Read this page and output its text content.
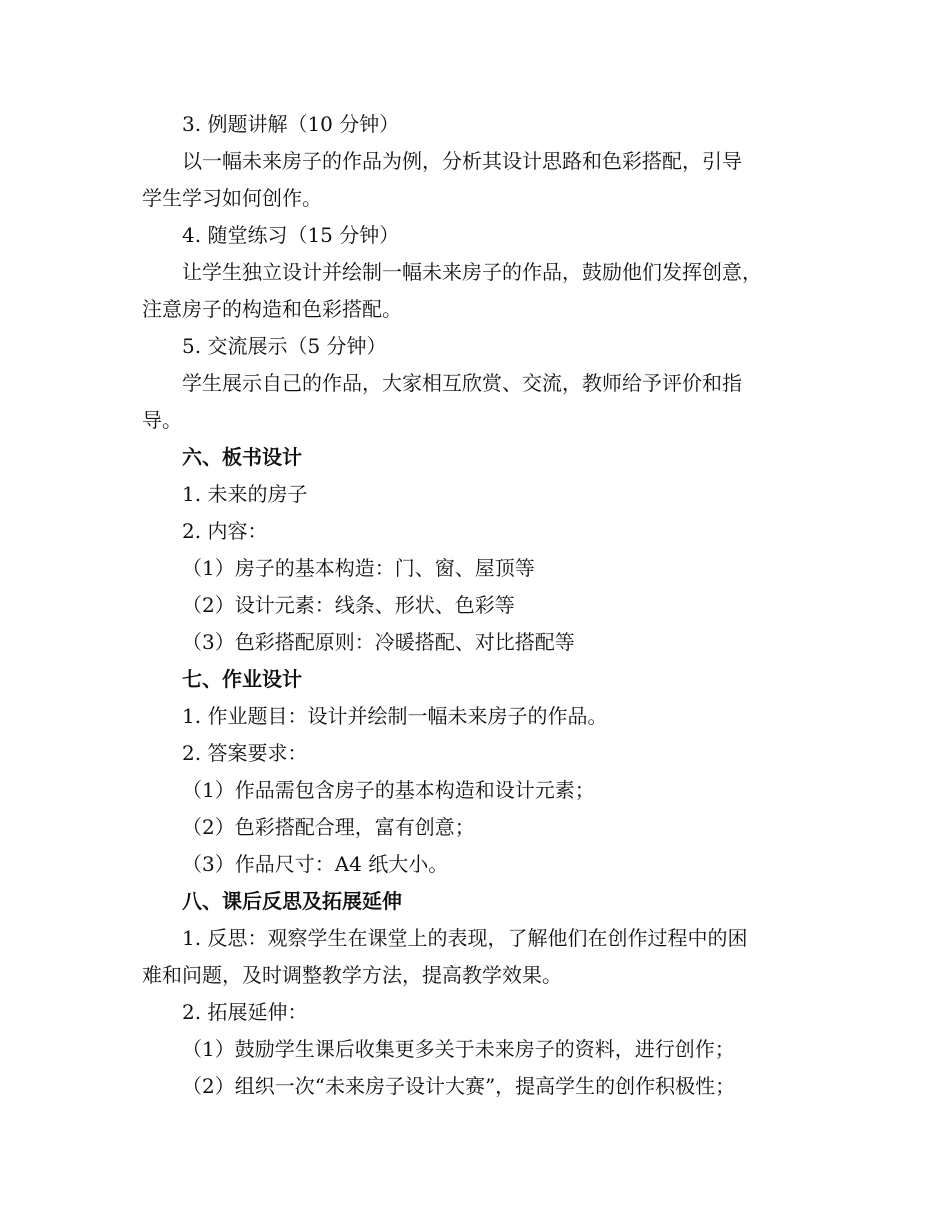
3. 例题讲解（10 分钟）
以一幅未来房子的作品为例，分析其设计思路和色彩搭配，引导
学生学习如何创作。
4. 随堂练习（15 分钟）
让学生独立设计并绘制一幅未来房子的作品，鼓励他们发挥创意，
注意房子的构造和色彩搭配。
5. 交流展示（5 分钟）
学生展示自己的作品，大家相互欣赏、交流，教师给予评价和指
导。
六、板书设计
1. 未来的房子
2. 内容：
（1）房子的基本构造：门、窗、屋顶等
（2）设计元素：线条、形状、色彩等
（3）色彩搭配原则：冷暖搭配、对比搭配等
七、作业设计
1. 作业题目：设计并绘制一幅未来房子的作品。
2. 答案要求：
（1）作品需包含房子的基本构造和设计元素；
（2）色彩搭配合理，富有创意；
（3）作品尺寸：A4 纸大小。
八、课后反思及拓展延伸
1. 反思：观察学生在课堂上的表现，了解他们在创作过程中的困
难和问题，及时调整教学方法，提高教学效果。
2. 拓展延伸：
（1）鼓励学生课后收集更多关于未来房子的资料，进行创作；
（2）组织一次“未来房子设计大赛”，提高学生的创作积极性；
